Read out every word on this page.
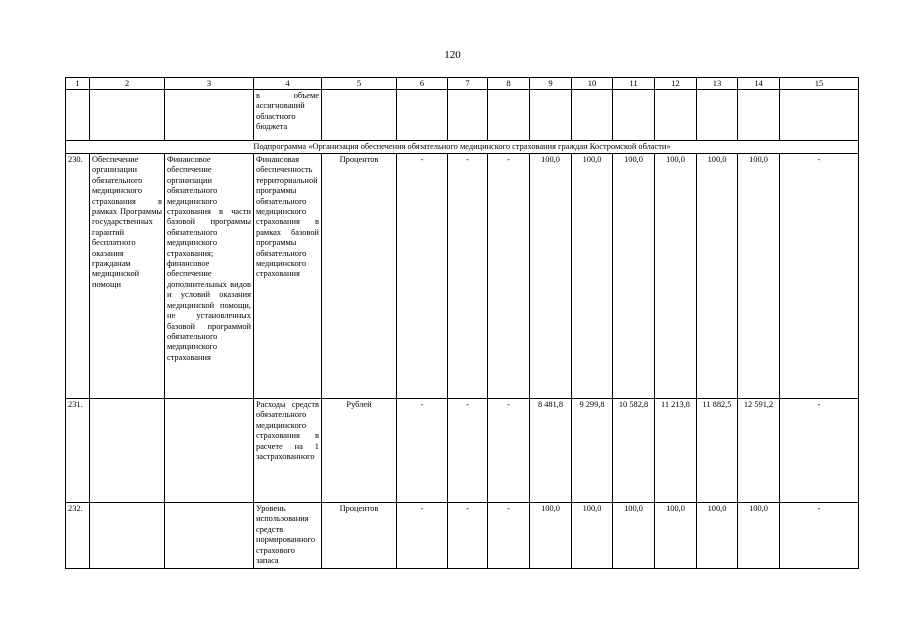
120
1	2	3	4	5	6	7	8	9	10	11	12	13	14	15
			в объеме ассигнований областного бюджета											
Подпрограмма «Организация обеспечения обязательного медицинского страхования граждан Костромской области»														
230.	Обеспечение организации обязательного медицинского страхования в рамках Программы государственных гарантий бесплатного оказания гражданам медицинской помощи	Финансовое обеспечение организации обязательного медицинского страхования в части базовой программы обязательного медицинского страхования; финансовое обеспечение дополнительных видов и условий оказания медицинской помощи, не установленных базовой программой обязательного медицинского страхования	Финансовая обеспеченность территориальной программы обязательного медицинского страхования в рамках базовой программы обязательного медицинского страхования	Процентов	-	-	-	100,0	100,0	100,0	100,0	100,0	100,0	-
231.			Расходы средств обязательного медицинского страхования в расчете на 1 застрахованного	Рублей	-	-	-	8 481,8	9 299,8	10 582,8	11 213,8	11 882,5	12 591,2	-
232.			Уровень использования средств нормированного страхового запаса	Процентов	-	-	-	100,0	100,0	100,0	100,0	100,0	100,0	-
